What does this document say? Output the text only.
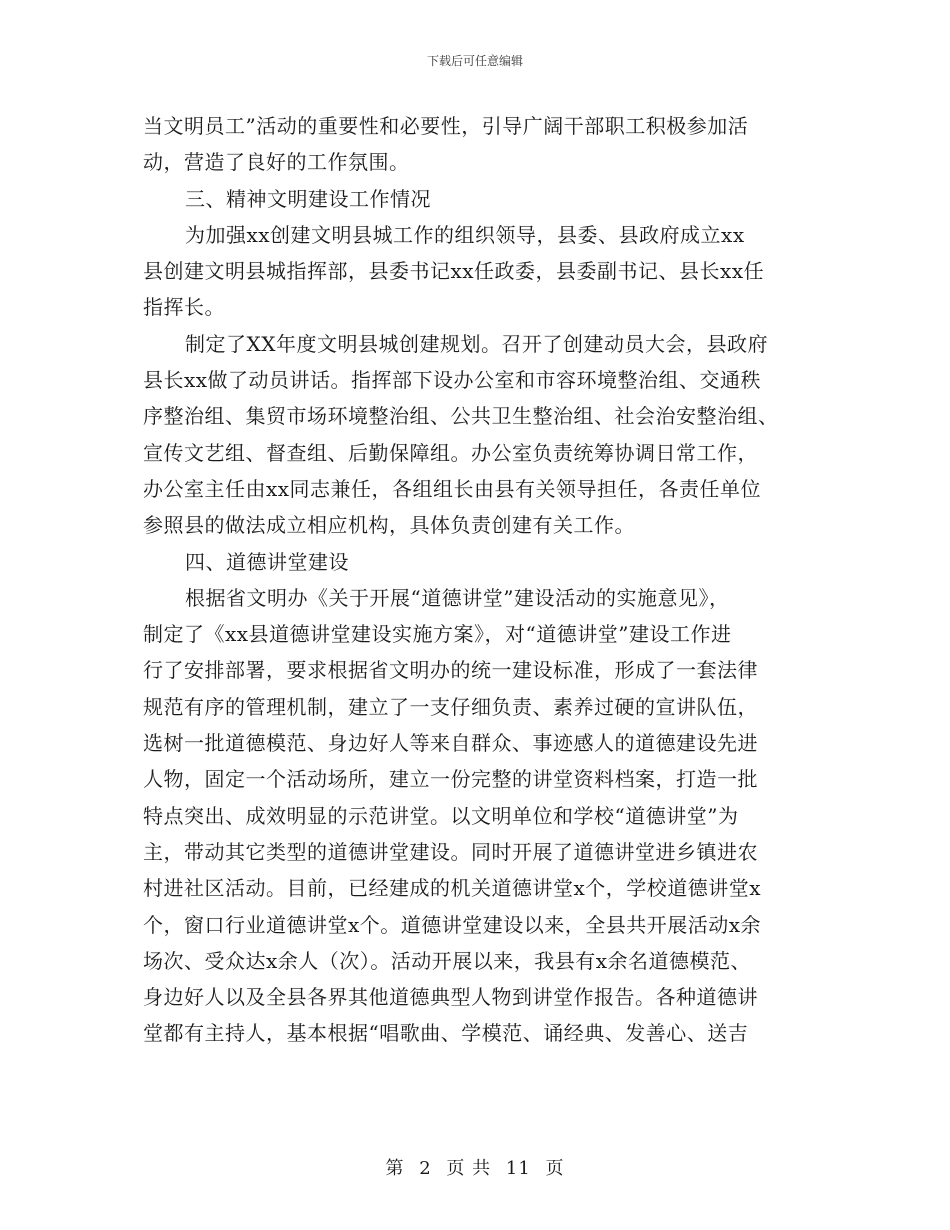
下载后可任意编辑
当文明员工”活动的重要性和必要性，引导广阔干部职工积极参加活
动，营造了良好的工作氛围。
三、精神文明建设工作情况
为加强xx创建文明县城工作的组织领导，县委、县政府成立xx
县创建文明县城指挥部，县委书记xx任政委，县委副书记、县长xx任
指挥长。
制定了XX年度文明县城创建规划。召开了创建动员大会，县政府
县长xx做了动员讲话。指挥部下设办公室和市容环境整治组、交通秩
序整治组、集贸市场环境整治组、公共卫生整治组、社会治安整治组、
宣传文艺组、督查组、后勤保障组。办公室负责统筹协调日常工作，
办公室主任由xx同志兼任，各组组长由县有关领导担任，各责任单位
参照县的做法成立相应机构，具体负责创建有关工作。
四、道德讲堂建设
根据省文明办《关于开展“道德讲堂”建设活动的实施意见》，
制定了《xx县道德讲堂建设实施方案》，对“道德讲堂”建设工作进
行了安排部署，要求根据省文明办的统一建设标准，形成了一套法律
规范有序的管理机制，建立了一支仔细负责、素养过硬的宣讲队伍，
选树一批道德模范、身边好人等来自群众、事迹感人的道德建设先进
人物，固定一个活动场所，建立一份完整的讲堂资料档案，打造一批
特点突出、成效明显的示范讲堂。以文明单位和学校“道德讲堂”为
主，带动其它类型的道德讲堂建设。同时开展了道德讲堂进乡镇进农
村进社区活动。目前，已经建成的机关道德讲堂x个，学校道德讲堂x
个，窗口行业道德讲堂x个。道德讲堂建设以来，全县共开展活动x余
场次、受众达x余人（次）。活动开展以来，我县有x余名道德模范、
身边好人以及全县各界其他道德典型人物到讲堂作报告。各种道德讲
堂都有主持人，基本根据“唱歌曲、学模范、诵经典、发善心、送吉
第 2 页 共 11 页
